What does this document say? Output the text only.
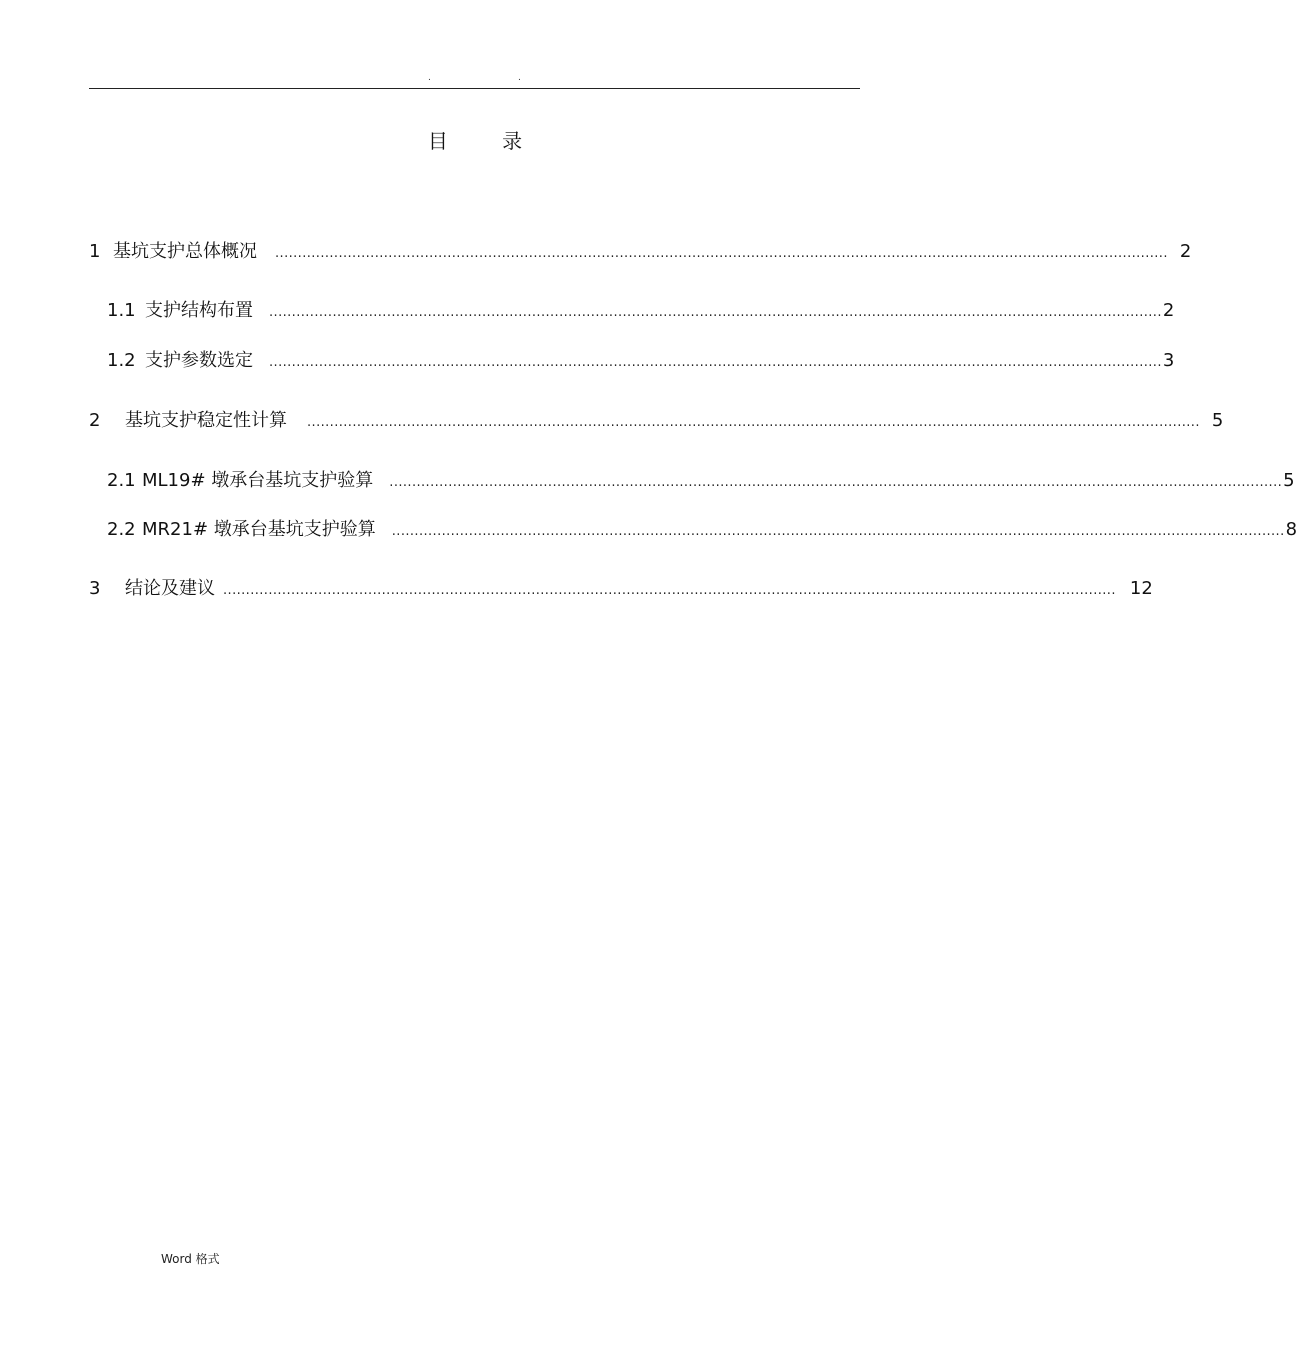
.	.
目 录
1 基坑支护总体概况 ..................................................................................................................................................................................................... 2
1.1 支护结构布置 ..................................................................................................................................................................................................... 2
1.2 支护参数选定 ..................................................................................................................................................................................................... 3
2	基坑支护稳定性计算 ..................................................................................................................................................................................................... 5
2.1 ML19# 墩承台基坑支护验算 ..................................................................................................................................................................................................... 5
2.2 MR21# 墩承台基坑支护验算 ..................................................................................................................................................................................................... 8
3	结论及建议 ..................................................................................................................................................................................................... 12
Word 格式
